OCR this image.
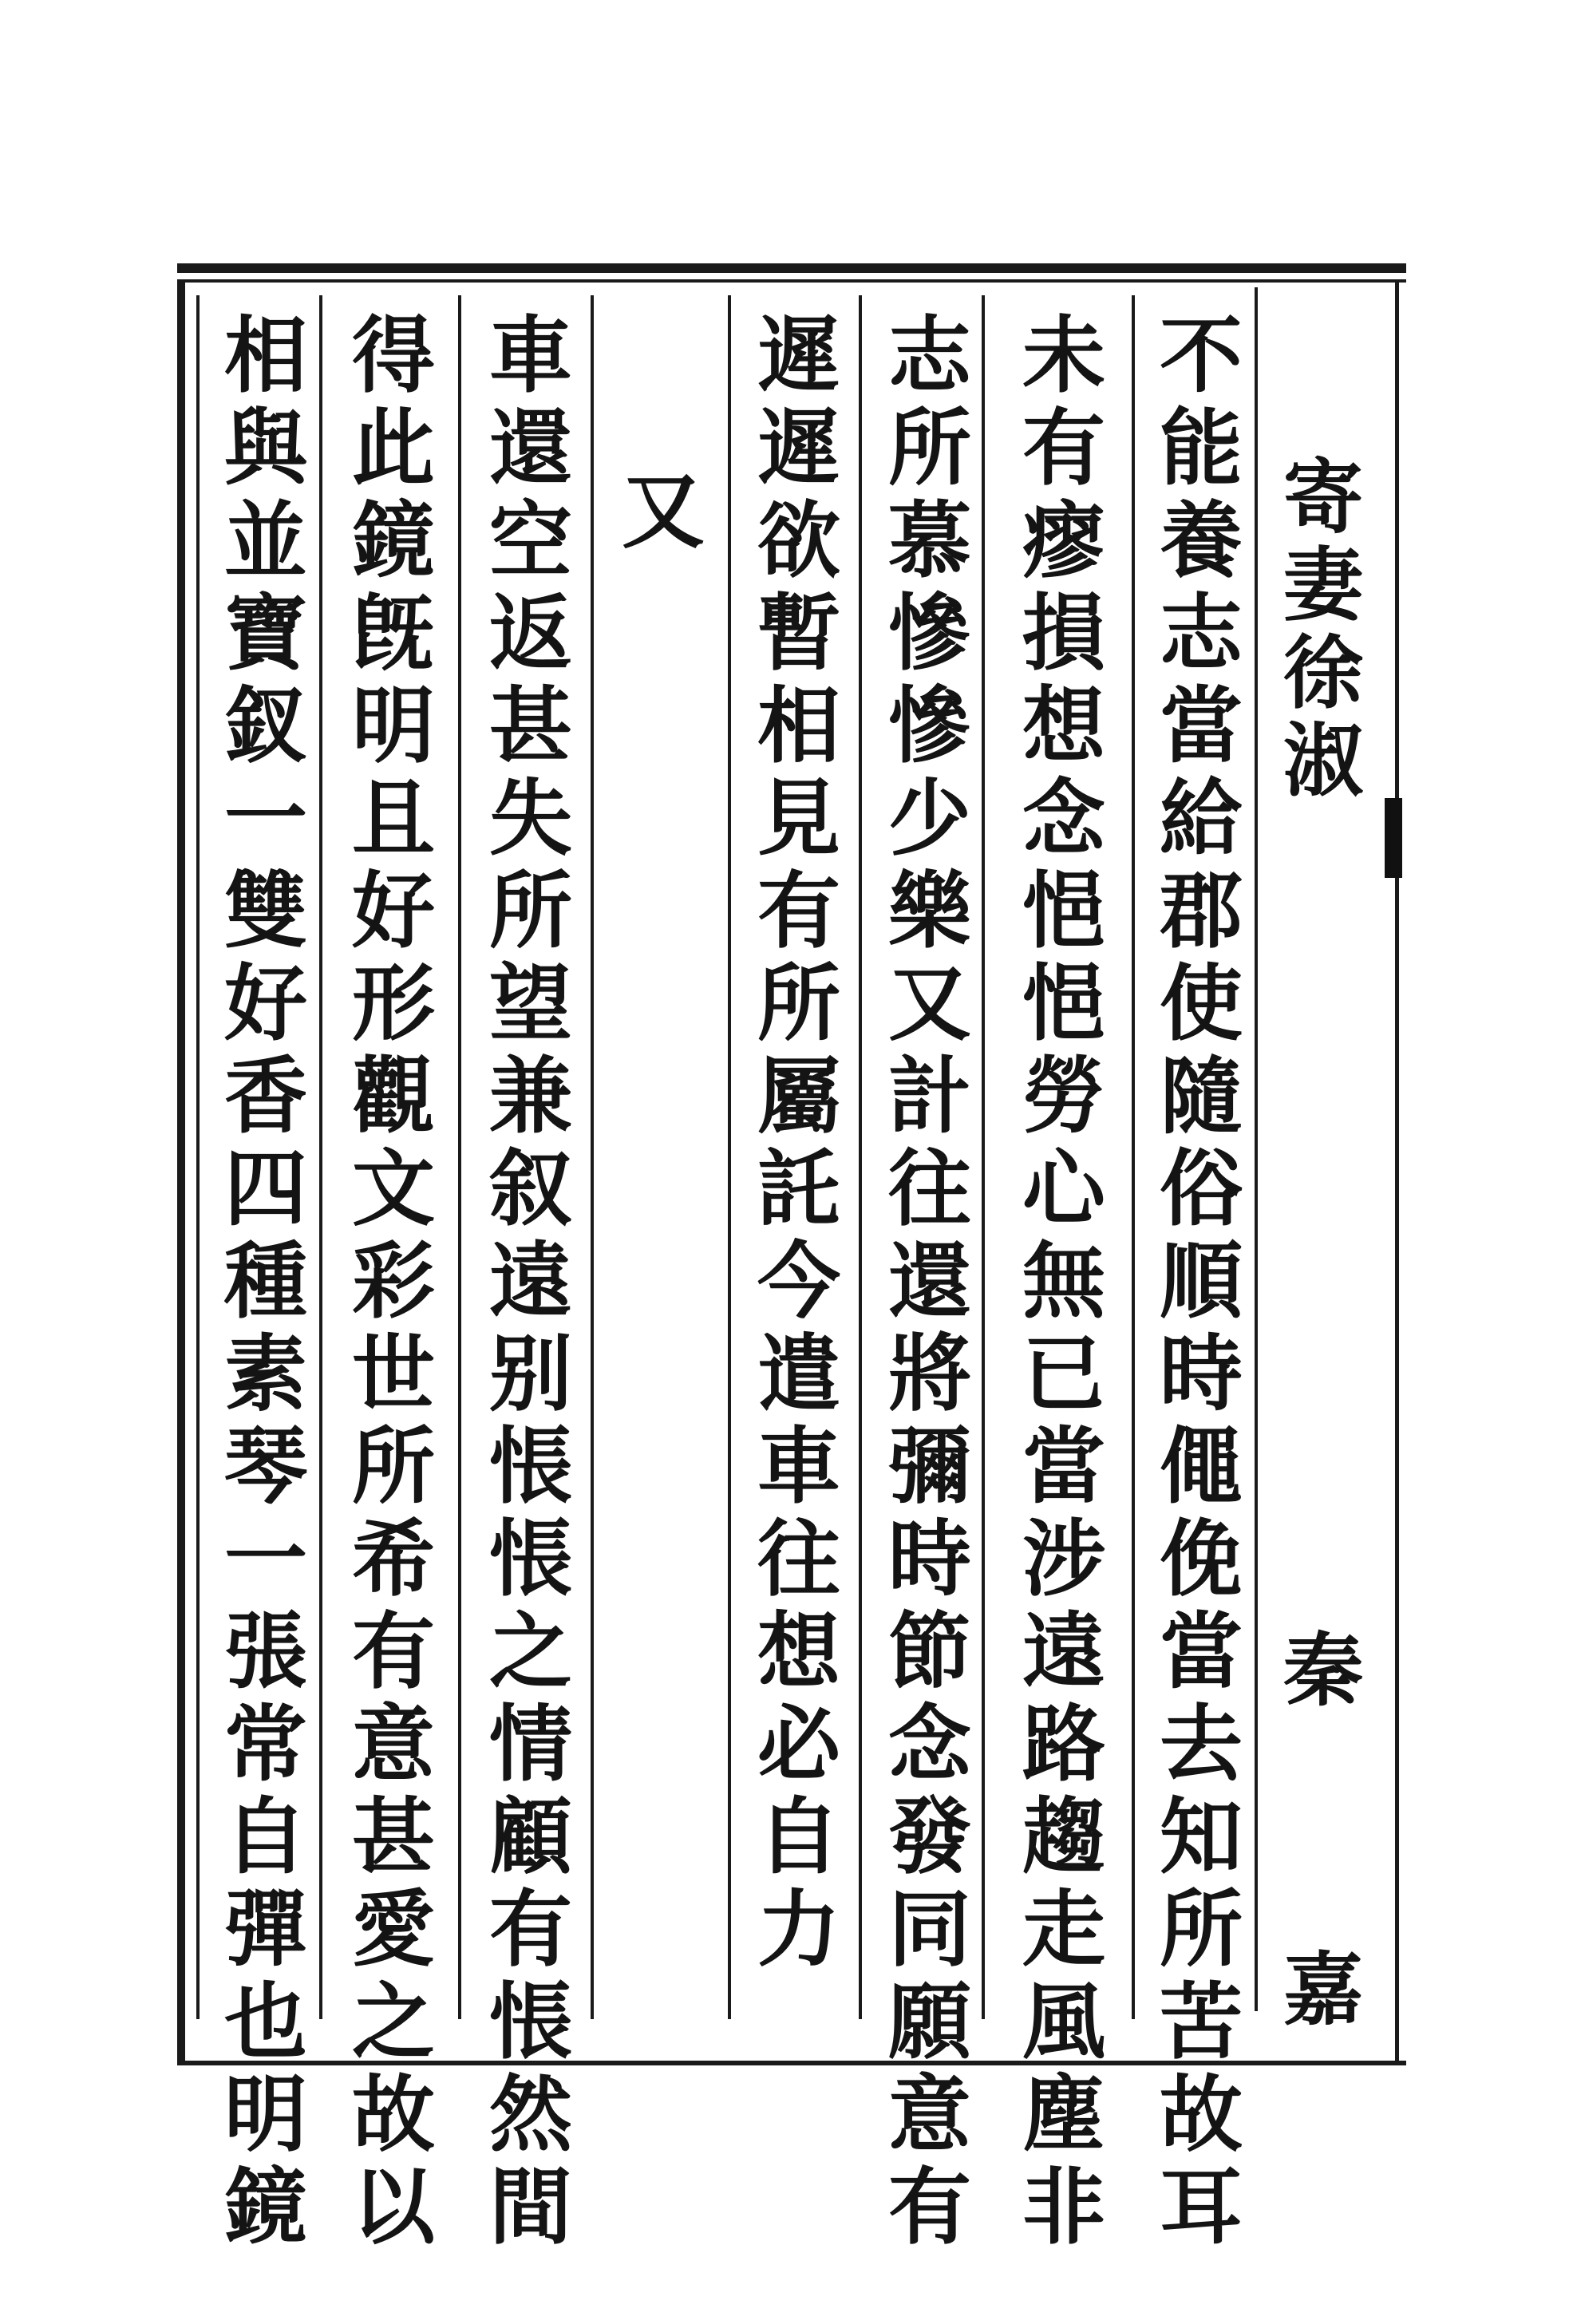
寄妻徐淑
秦　嘉
不能養志當給郡使隨俗順時僶俛當去知所苦故耳
未有瘳損想念悒悒勞心無已當涉遠路趨走風塵非
志所慕慘慘少樂又計往還將彌時節念發同願意有
遲遲欲暫相見有所屬託今遣車往想必自力
又
車還空返甚失所望兼叙遠别悵悵之情顧有悵然間
得此鏡旣明且好形觀文彩世所希有意甚愛之故以
相與並寶釵一雙好香四種素琴一張常自彈也明鏡
